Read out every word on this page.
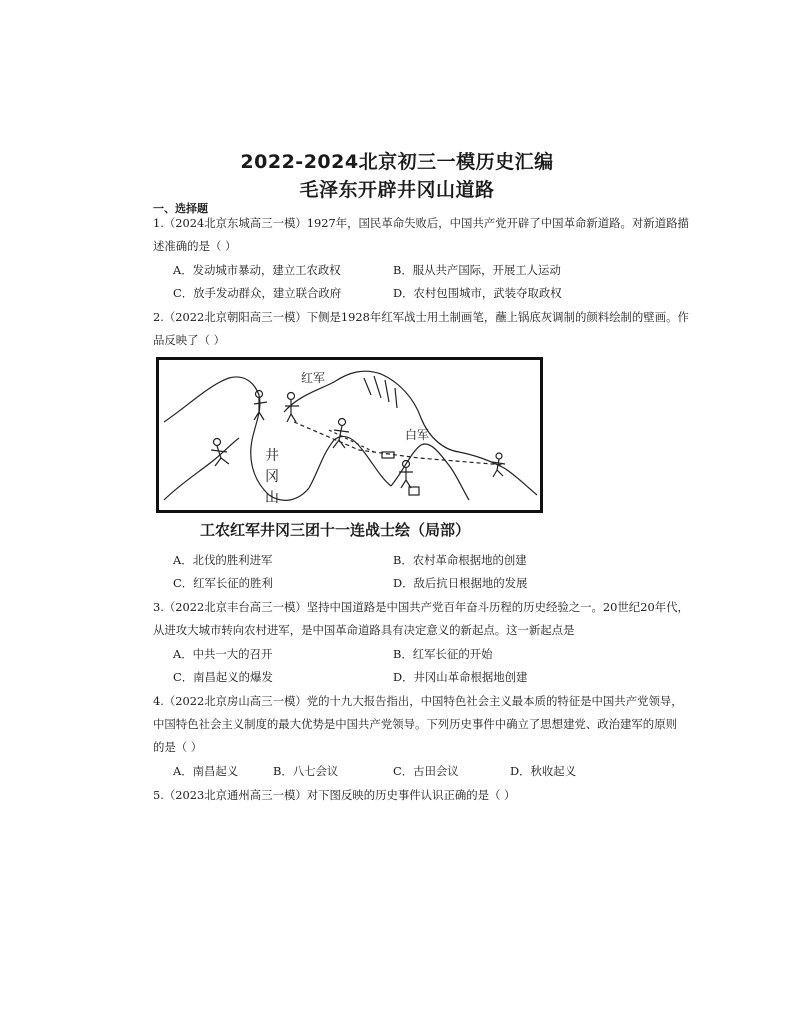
2022-2024北京初三一模历史汇编
毛泽东开辟井冈山道路
一、选择题
1.（2024北京东城高三一模）1927年，国民革命失败后，中国共产党开辟了中国革命新道路。对新道路描
述准确的是（ ）
A．发动城市暴动，建立工农政权	B．服从共产国际，开展工人运动
C．放手发动群众，建立联合政府	D．农村包围城市，武装夺取政权
2.（2022北京朝阳高三一模）下侧是1928年红军战士用土制画笔，蘸上锅底灰调制的颜料绘制的壁画。作
品反映了（ ）
红军
白军
井冈山
工农红军井冈三团十一连战士绘（局部）
A．北伐的胜利进军	B．农村革命根据地的创建
C．红军长征的胜利	D．敌后抗日根据地的发展
3.（2022北京丰台高三一模）坚持中国道路是中国共产党百年奋斗历程的历史经验之一。20世纪20年代，
从进攻大城市转向农村进军，是中国革命道路具有决定意义的新起点。这一新起点是
A．中共一大的召开	B．红军长征的开始
C．南昌起义的爆发	D．井冈山革命根据地创建
4.（2022北京房山高三一模）党的十九大报告指出，中国特色社会主义最本质的特征是中国共产党领导，
中国特色社会主义制度的最大优势是中国共产党领导。下列历史事件中确立了思想建党、政治建军的原则
的是（ ）
A．南昌起义	B．八七会议	C．古田会议	D．秋收起义
5.（2023北京通州高三一模）对下图反映的历史事件认识正确的是（ ）
